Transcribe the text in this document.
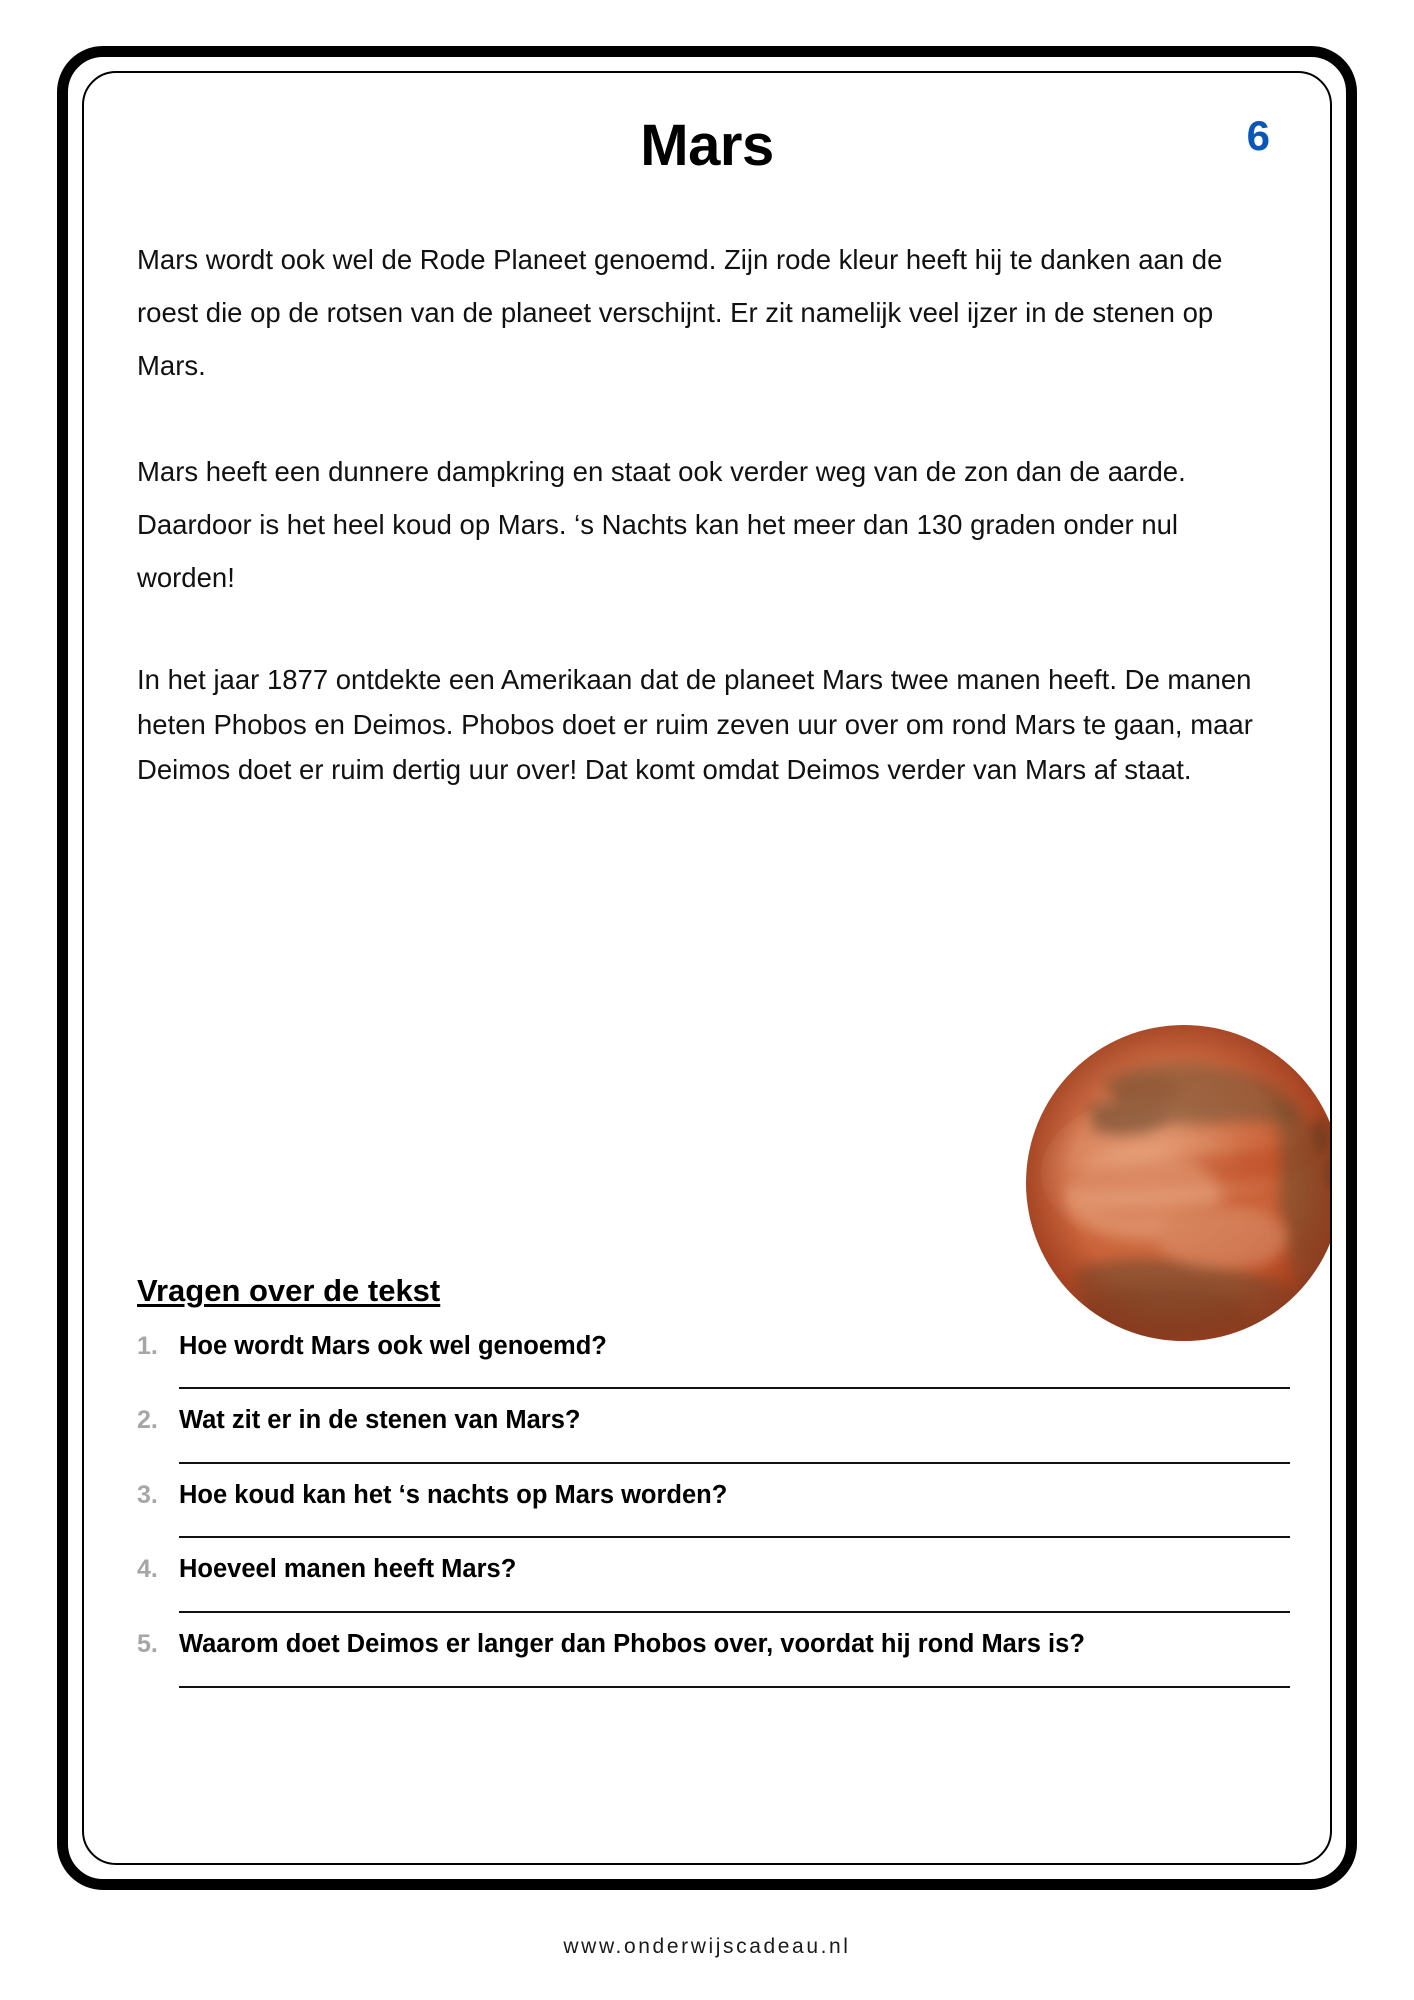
Mars	6

Mars wordt ook wel de Rode Planeet genoemd. Zijn rode kleur heeft hij te danken aan de roest die op de rotsen van de planeet verschijnt. Er zit namelijk veel ijzer in de stenen op Mars.

Mars heeft een dunnere dampkring en staat ook verder weg van de zon dan de aarde. Daardoor is het heel koud op Mars. ‘s Nachts kan het meer dan 130 graden onder nul worden!

In het jaar 1877 ontdekte een Amerikaan dat de planeet Mars twee manen heeft. De manen heten Phobos en Deimos. Phobos doet er ruim zeven uur over om rond Mars te gaan, maar Deimos doet er ruim dertig uur over! Dat komt omdat Deimos verder van Mars af staat.

Vragen over de tekst
1. Hoe wordt Mars ook wel genoemd?
2. Wat zit er in de stenen van Mars?
3. Hoe koud kan het ‘s nachts op Mars worden?
4. Hoeveel manen heeft Mars?
5. Waarom doet Deimos er langer dan Phobos over, voordat hij rond Mars is?
www.onderwijscadeau.nl
